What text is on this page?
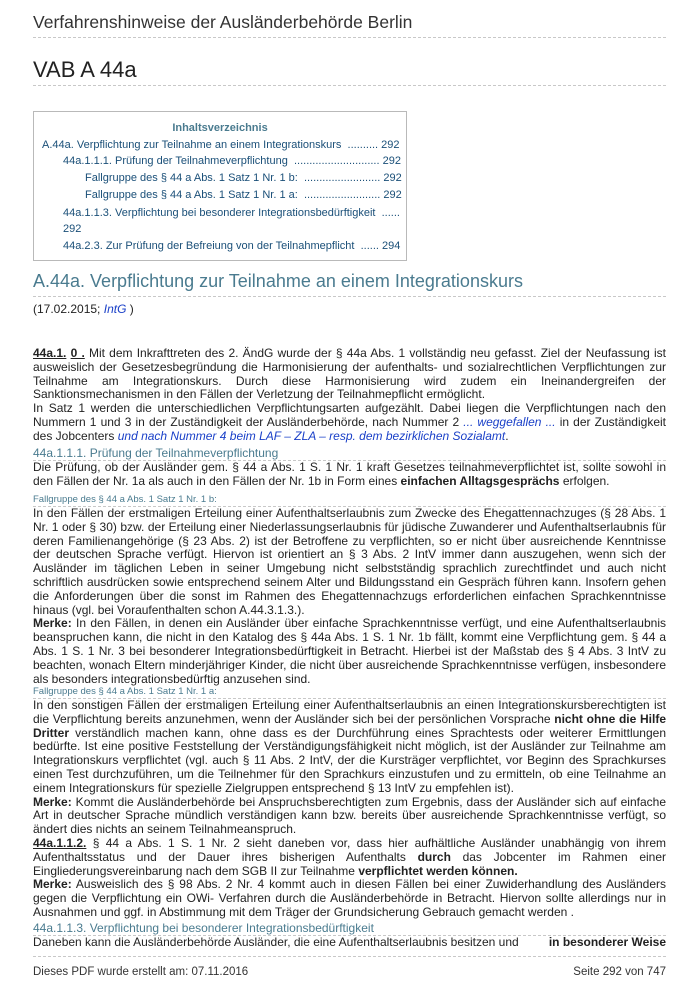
Verfahrenshinweise der Ausländerbehörde Berlin
VAB A 44a
Inhaltsverzeichnis
A.44a. Verpflichtung zur Teilnahme an einem Integrationskurs .......... 292
44a.1.1.1. Prüfung der Teilnahmeverpflichtung ............................ 292
Fallgruppe des § 44 a Abs. 1 Satz 1 Nr. 1 b: ......................... 292
Fallgruppe des § 44 a Abs. 1 Satz 1 Nr. 1 a: ......................... 292
44a.1.1.3. Verpflichtung bei besonderer Integrationsbedürftigkeit ......
292
44a.2.3. Zur Prüfung der Befreiung von der Teilnahmepflicht ...... 294
A.44a. Verpflichtung zur Teilnahme an einem Integrationskurs
(17.02.2015; IntG )

44a.1. 0 . Mit dem Inkrafttreten des 2. ÄndG wurde der § 44a Abs. 1 vollständig neu gefasst. Ziel der Neufassung ist ausweislich der Gesetzesbegründung die Harmonisierung der aufenthalts- und sozialrechtlichen Verpflichtungen zur Teilnahme am Integrationskurs. Durch diese Harmonisierung wird zudem ein Ineinandergreifen der Sanktionsmechanismen in den Fällen der Verletzung der Teilnahmepflicht ermöglicht.

In Satz 1 werden die unterschiedlichen Verpflichtungsarten aufgezählt. Dabei liegen die Verpflichtungen nach den Nummern 1 und 3 in der Zuständigkeit der Ausländerbehörde, nach Nummer 2 ... weggefallen ... in der Zuständigkeit des Jobcenters und nach Nummer 4 beim LAF – ZLA – resp. dem bezirklichen Sozialamt.

44a.1.1.1. Prüfung der Teilnahmeverpflichtung

Die Prüfung, ob der Ausländer gem. § 44 a Abs. 1 S. 1 Nr. 1 kraft Gesetzes teilnahmeverpflichtet ist, sollte sowohl in den Fällen der Nr. 1a als auch in den Fällen der Nr. 1b in Form eines einfachen Alltagsgesprächs erfolgen.

Fallgruppe des § 44 a Abs. 1 Satz 1 Nr. 1 b:

In den Fällen der erstmaligen Erteilung einer Aufenthaltserlaubnis zum Zwecke des Ehegattennachzuges (§ 28 Abs. 1 Nr. 1 oder § 30) bzw. der Erteilung einer Niederlassungserlaubnis für jüdische Zuwanderer und Aufenthaltserlaubnis für deren Familienangehörige (§ 23 Abs. 2) ist der Betroffene zu verpflichten, so er nicht über ausreichende Kenntnisse der deutschen Sprache verfügt. Hiervon ist orientiert an § 3 Abs. 2 IntV immer dann auszugehen, wenn sich der Ausländer im täglichen Leben in seiner Umgebung nicht selbstständig sprachlich zurechtfindet und auch nicht schriftlich ausdrücken sowie entsprechend seinem Alter und Bildungsstand ein Gespräch führen kann. Insofern gehen die Anforderungen über die sonst im Rahmen des Ehegattennachzugs erforderlichen einfachen Sprachkenntnisse hinaus (vgl. bei Voraufenthalten schon A.44.3.1.3.).

Merke: In den Fällen, in denen ein Ausländer über einfache Sprachkenntnisse verfügt, und eine Aufenthaltserlaubnis beanspruchen kann, die nicht in den Katalog des § 44a Abs. 1 S. 1 Nr. 1b fällt, kommt eine Verpflichtung gem. § 44 a Abs. 1 S. 1 Nr. 3 bei besonderer Integrationsbedürftigkeit in Betracht. Hierbei ist der Maßstab des § 4 Abs. 3 IntV zu beachten, wonach Eltern minderjähriger Kinder, die nicht über ausreichende Sprachkenntnisse verfügen, insbesondere als besonders integrationsbedürftig anzusehen sind.

Fallgruppe des § 44 a Abs. 1 Satz 1 Nr. 1 a:

In den sonstigen Fällen der erstmaligen Erteilung einer Aufenthaltserlaubnis an einen Integrationskursberechtigten ist die Verpflichtung bereits anzunehmen, wenn der Ausländer sich bei der persönlichen Vorsprache nicht ohne die Hilfe Dritter verständlich machen kann, ohne dass es der Durchführung eines Sprachtests oder weiterer Ermittlungen bedürfte. Ist eine positive Feststellung der Verständigungsfähigkeit nicht möglich, ist der Ausländer zur Teilnahme am Integrationskurs verpflichtet (vgl. auch § 11 Abs. 2 IntV, der die Kursträger verpflichtet, vor Beginn des Sprachkurses einen Test durchzuführen, um die Teilnehmer für den Sprachkurs einzustufen und zu ermitteln, ob eine Teilnahme an einem Integrationskurs für spezielle Zielgruppen entsprechend § 13 IntV zu empfehlen ist).

Merke: Kommt die Ausländerbehörde bei Anspruchsberechtigten zum Ergebnis, dass der Ausländer sich auf einfache Art in deutscher Sprache mündlich verständigen kann bzw. bereits über ausreichende Sprachkenntnisse verfügt, so ändert dies nichts an seinem Teilnahmeanspruch.

44a.1.1.2. § 44 a Abs. 1 S. 1 Nr. 2 sieht daneben vor, dass hier aufhältliche Ausländer unabhängig von ihrem Aufenthaltsstatus und der Dauer ihres bisherigen Aufenthalts durch das Jobcenter im Rahmen einer Eingliederungsvereinbarung nach dem SGB II zur Teilnahme verpflichtet werden können.

Merke: Ausweislich des § 98 Abs. 2 Nr. 4 kommt auch in diesen Fällen bei einer Zuwiderhandlung des Ausländers gegen die Verpflichtung ein OWi- Verfahren durch die Ausländerbehörde in Betracht. Hiervon sollte allerdings nur in Ausnahmen und ggf. in Abstimmung mit dem Träger der Grundsicherung Gebrauch gemacht werden .

44a.1.1.3. Verpflichtung bei besonderer Integrationsbedürftigkeit
Daneben kann die Ausländerbehörde Ausländer, die eine Aufenthaltserlaubnis besitzen und	in besonderer Weise
Dieses PDF wurde erstellt am: 07.11.2016	Seite 292 von 747
